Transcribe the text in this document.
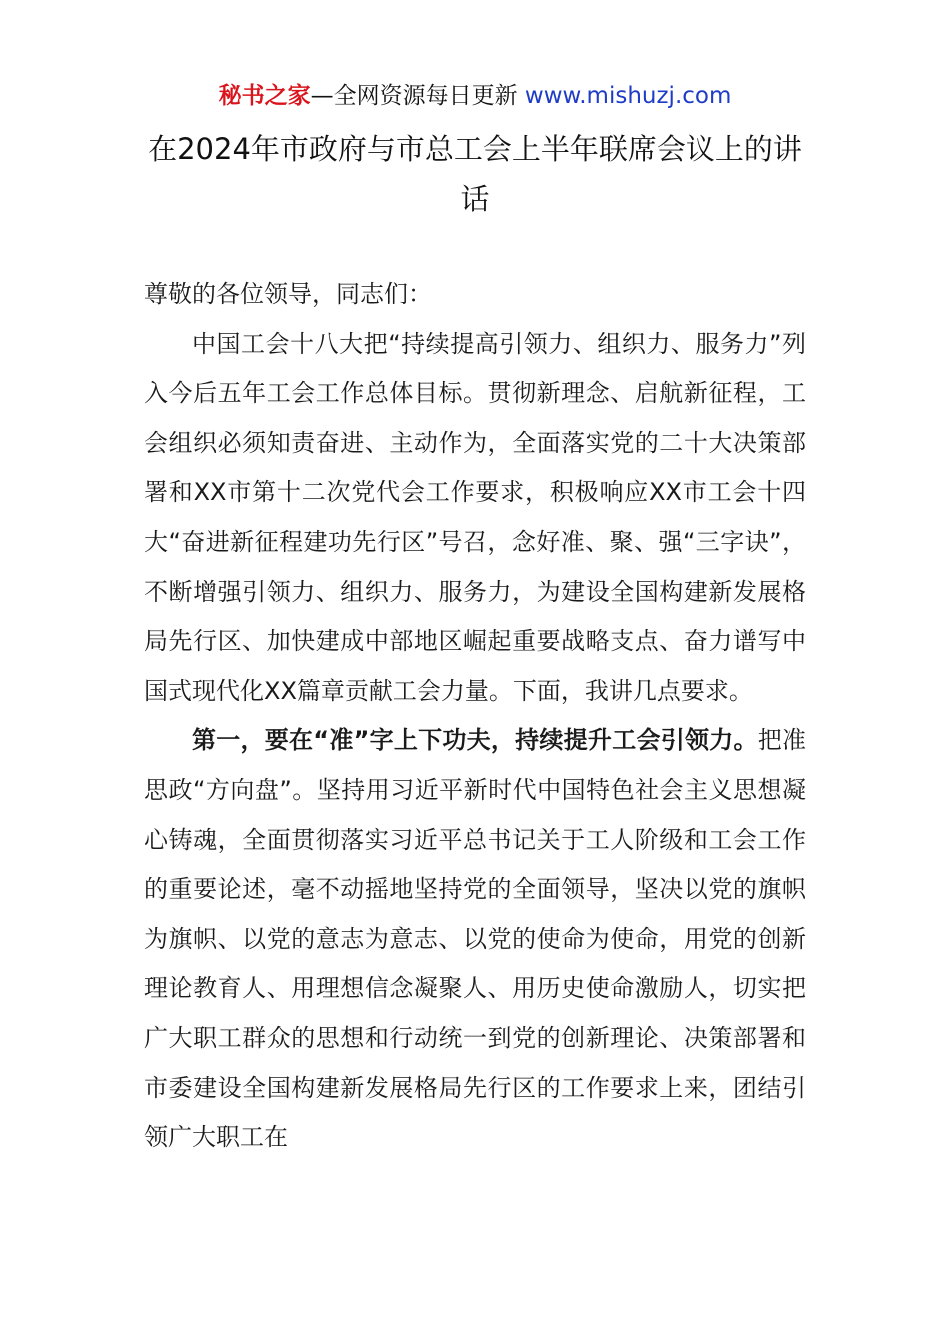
秘书之家—全网资源每日更新 www.mishuzj.com
在2024年市政府与市总工会上半年联席会议上的讲话

尊敬的各位领导，同志们：

中国工会十八大把“持续提高引领力、组织力、服务力”列入今后五年工会工作总体目标。贯彻新理念、启航新征程，工会组织必须知责奋进、主动作为，全面落实党的二十大决策部署和XX市第十二次党代会工作要求，积极响应XX市工会十四大“奋进新征程建功先行区”号召，念好准、聚、强“三字诀”，不断增强引领力、组织力、服务力，为建设全国构建新发展格局先行区、加快建成中部地区崛起重要战略支点、奋力谱写中国式现代化XX篇章贡献工会力量。下面，我讲几点要求。

第一，要在“准”字上下功夫，持续提升工会引领力。把准思政“方向盘”。坚持用习近平新时代中国特色社会主义思想凝心铸魂，全面贯彻落实习近平总书记关于工人阶级和工会工作的重要论述，毫不动摇地坚持党的全面领导，坚决以党的旗帜为旗帜、以党的意志为意志、以党的使命为使命，用党的创新理论教育人、用理想信念凝聚人、用历史使命激励人，切实把广大职工群众的思想和行动统一到党的创新理论、决策部署和市委建设全国构建新发展格局先行区的工作要求上来，团结引领广大职工在
